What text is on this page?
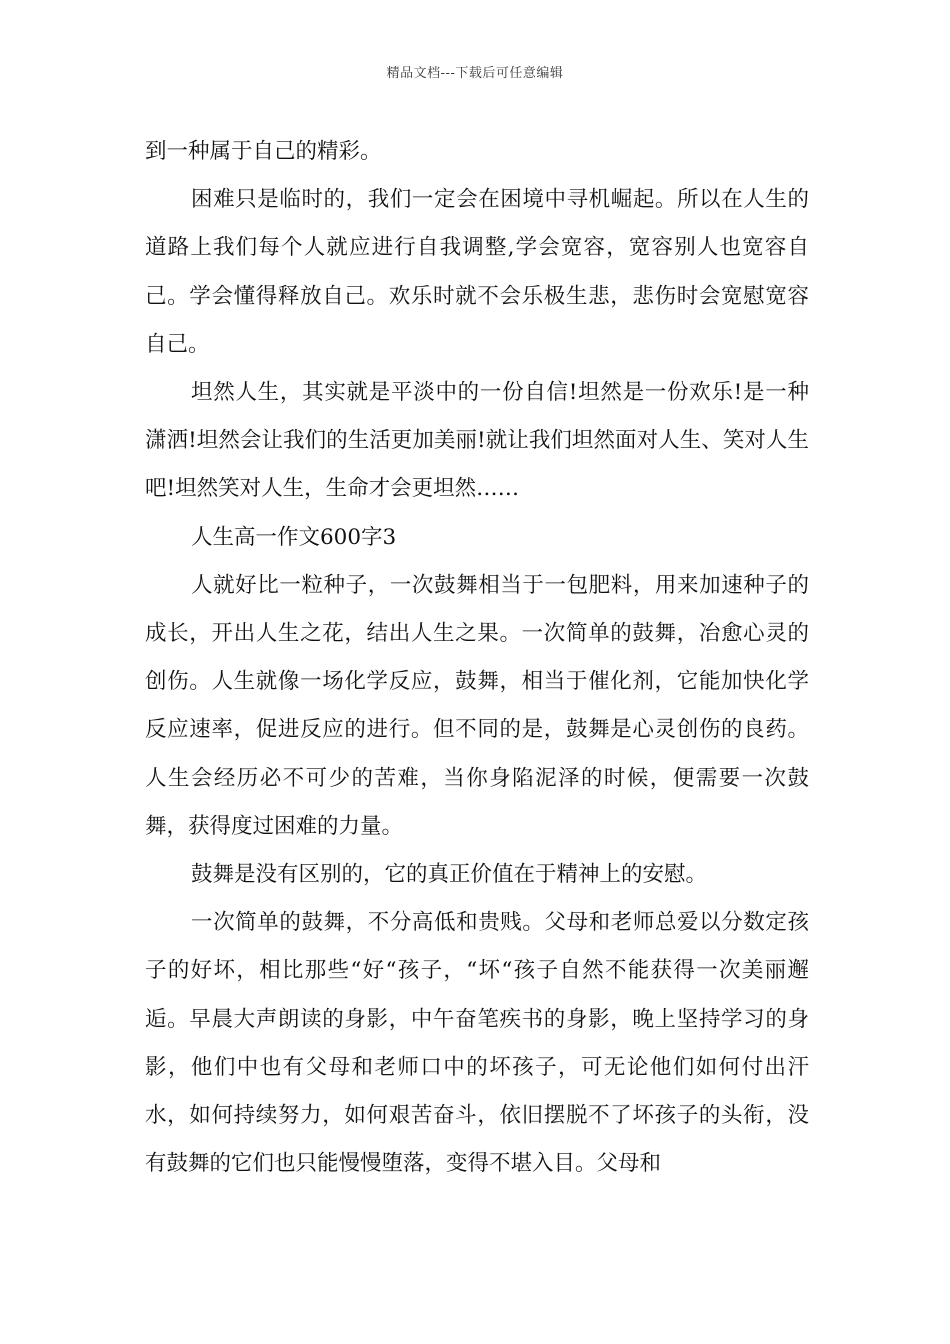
精品文档---下载后可任意编辑

到一种属于自己的精彩。

困难只是临时的，我们一定会在困境中寻机崛起。所以在人生的道路上我们每个人就应进行自我调整,学会宽容，宽容别人也宽容自己。学会懂得释放自己。欢乐时就不会乐极生悲，悲伤时会宽慰宽容自己。

坦然人生，其实就是平淡中的一份自信!坦然是一份欢乐!是一种潇洒!坦然会让我们的生活更加美丽!就让我们坦然面对人生、笑对人生吧!坦然笑对人生，生命才会更坦然……

人生高一作文600字3

人就好比一粒种子，一次鼓舞相当于一包肥料，用来加速种子的成长，开出人生之花，结出人生之果。一次简单的鼓舞，冶愈心灵的创伤。人生就像一场化学反应，鼓舞，相当于催化剂，它能加快化学反应速率，促进反应的进行。但不同的是，鼓舞是心灵创伤的良药。人生会经历必不可少的苦难，当你身陷泥泽的时候，便需要一次鼓舞，获得度过困难的力量。

鼓舞是没有区别的，它的真正价值在于精神上的安慰。

一次简单的鼓舞，不分高低和贵贱。父母和老师总爱以分数定孩子的好坏，相比那些“好“孩子，“坏“孩子自然不能获得一次美丽邂逅。早晨大声朗读的身影，中午奋笔疾书的身影，晚上坚持学习的身影，他们中也有父母和老师口中的坏孩子，可无论他们如何付出汗水，如何持续努力，如何艰苦奋斗，依旧摆脱不了坏孩子的头衔，没有鼓舞的它们也只能慢慢堕落，变得不堪入目。父母和
